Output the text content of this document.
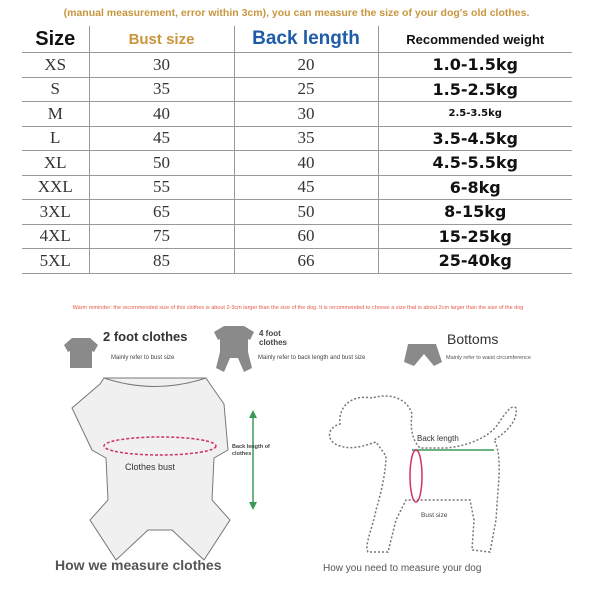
(manual measurement, error within 3cm), you can measure the size of your dog's old clothes.
Size	Bust size	Back length	Recommended weight
XS	30	20	1.0-1.5kg
S	35	25	1.5-2.5kg
M	40	30	2.5-3.5kg
L	45	35	3.5-4.5kg
XL	50	40	4.5-5.5kg
XXL	55	45	6-8kg
3XL	65	50	8-15kg
4XL	75	60	15-25kg
5XL	85	66	25-40kg
Warm reminder: the recommended size of this clothes is about 2-3cm larger than the size of the dog. It is recommended to choose a size that is about 2cm larger than the size of the dog
2 foot clothes
Mainly refer to bust size
4 foot clothes
Mainly refer to back length and bust size
Bottoms
Mainly refer to waist circumference
Clothes bust
Back length of clothes
How we measure clothes
Back length
Bust size
How you need to measure your dog
